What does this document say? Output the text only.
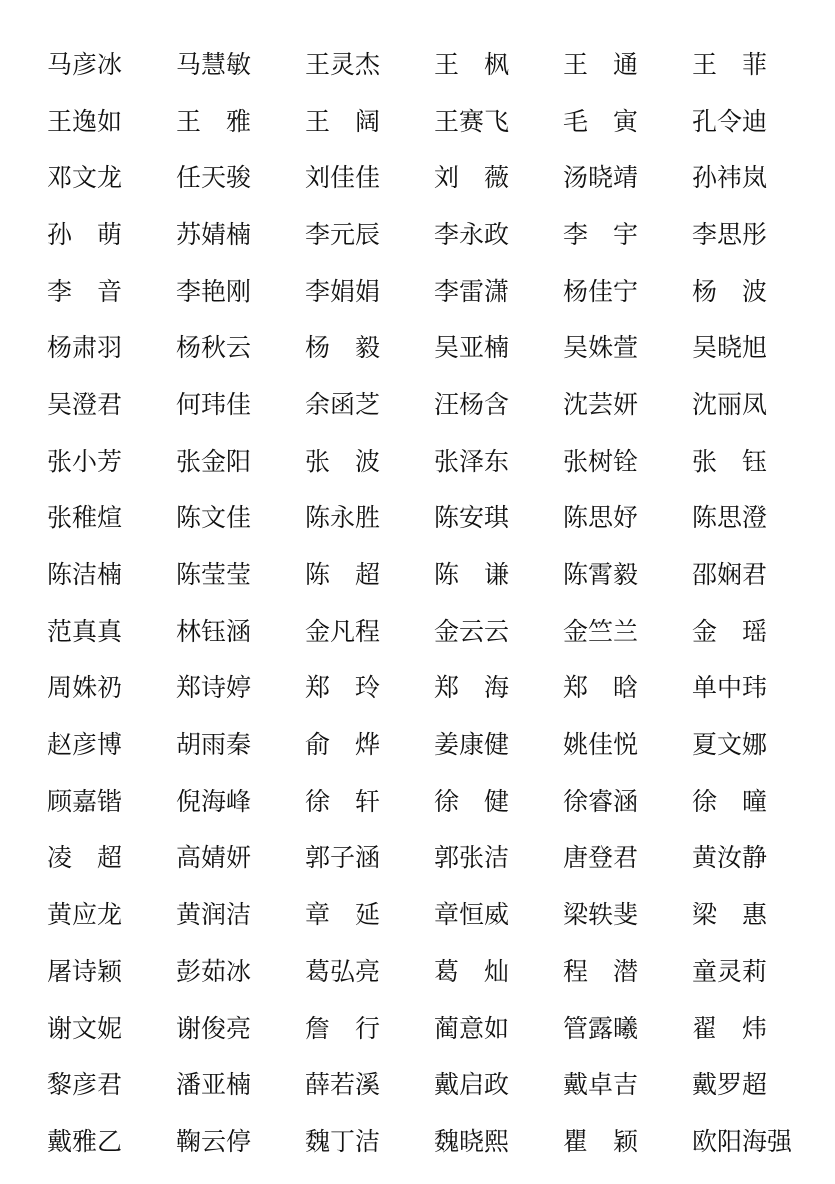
马彦冰	马慧敏	王灵杰	王　枫	王　通	王　菲
王逸如	王　雅	王　阔	王赛飞	毛　寅	孔令迪
邓文龙	任天骏	刘佳佳	刘　薇	汤晓靖	孙祎岚
孙　萌	苏婧楠	李元辰	李永政	李　宇	李思彤
李　音	李艳刚	李娟娟	李雷潇	杨佳宁	杨　波
杨肃羽	杨秋云	杨　毅	吴亚楠	吴姝萱	吴晓旭
吴澄君	何玮佳	余函芝	汪杨含	沈芸妍	沈丽凤
张小芳	张金阳	张　波	张泽东	张树铨	张　钰
张稚煊	陈文佳	陈永胜	陈安琪	陈思妤	陈思澄
陈洁楠	陈莹莹	陈　超	陈　谦	陈霄毅	邵娴君
范真真	林钰涵	金凡程	金云云	金竺兰	金　瑶
周姝礽	郑诗婷	郑　玲	郑　海	郑　晗	单中玮
赵彦博	胡雨秦	俞　烨	姜康健	姚佳悦	夏文娜
顾嘉锴	倪海峰	徐　轩	徐　健	徐睿涵	徐　曈
凌　超	高婧妍	郭子涵	郭张洁	唐登君	黄汝静
黄应龙	黄润洁	章　延	章恒威	梁轶斐	梁　惠
屠诗颖	彭茹冰	葛弘亮	葛　灿	程　潜	童灵莉
谢文妮	谢俊亮	詹　行	蔺意如	管露曦	翟　炜
黎彦君	潘亚楠	薛若溪	戴启政	戴卓吉	戴罗超
戴雅乙	鞠云停	魏丁洁	魏晓熙	瞿　颖	欧阳海强
